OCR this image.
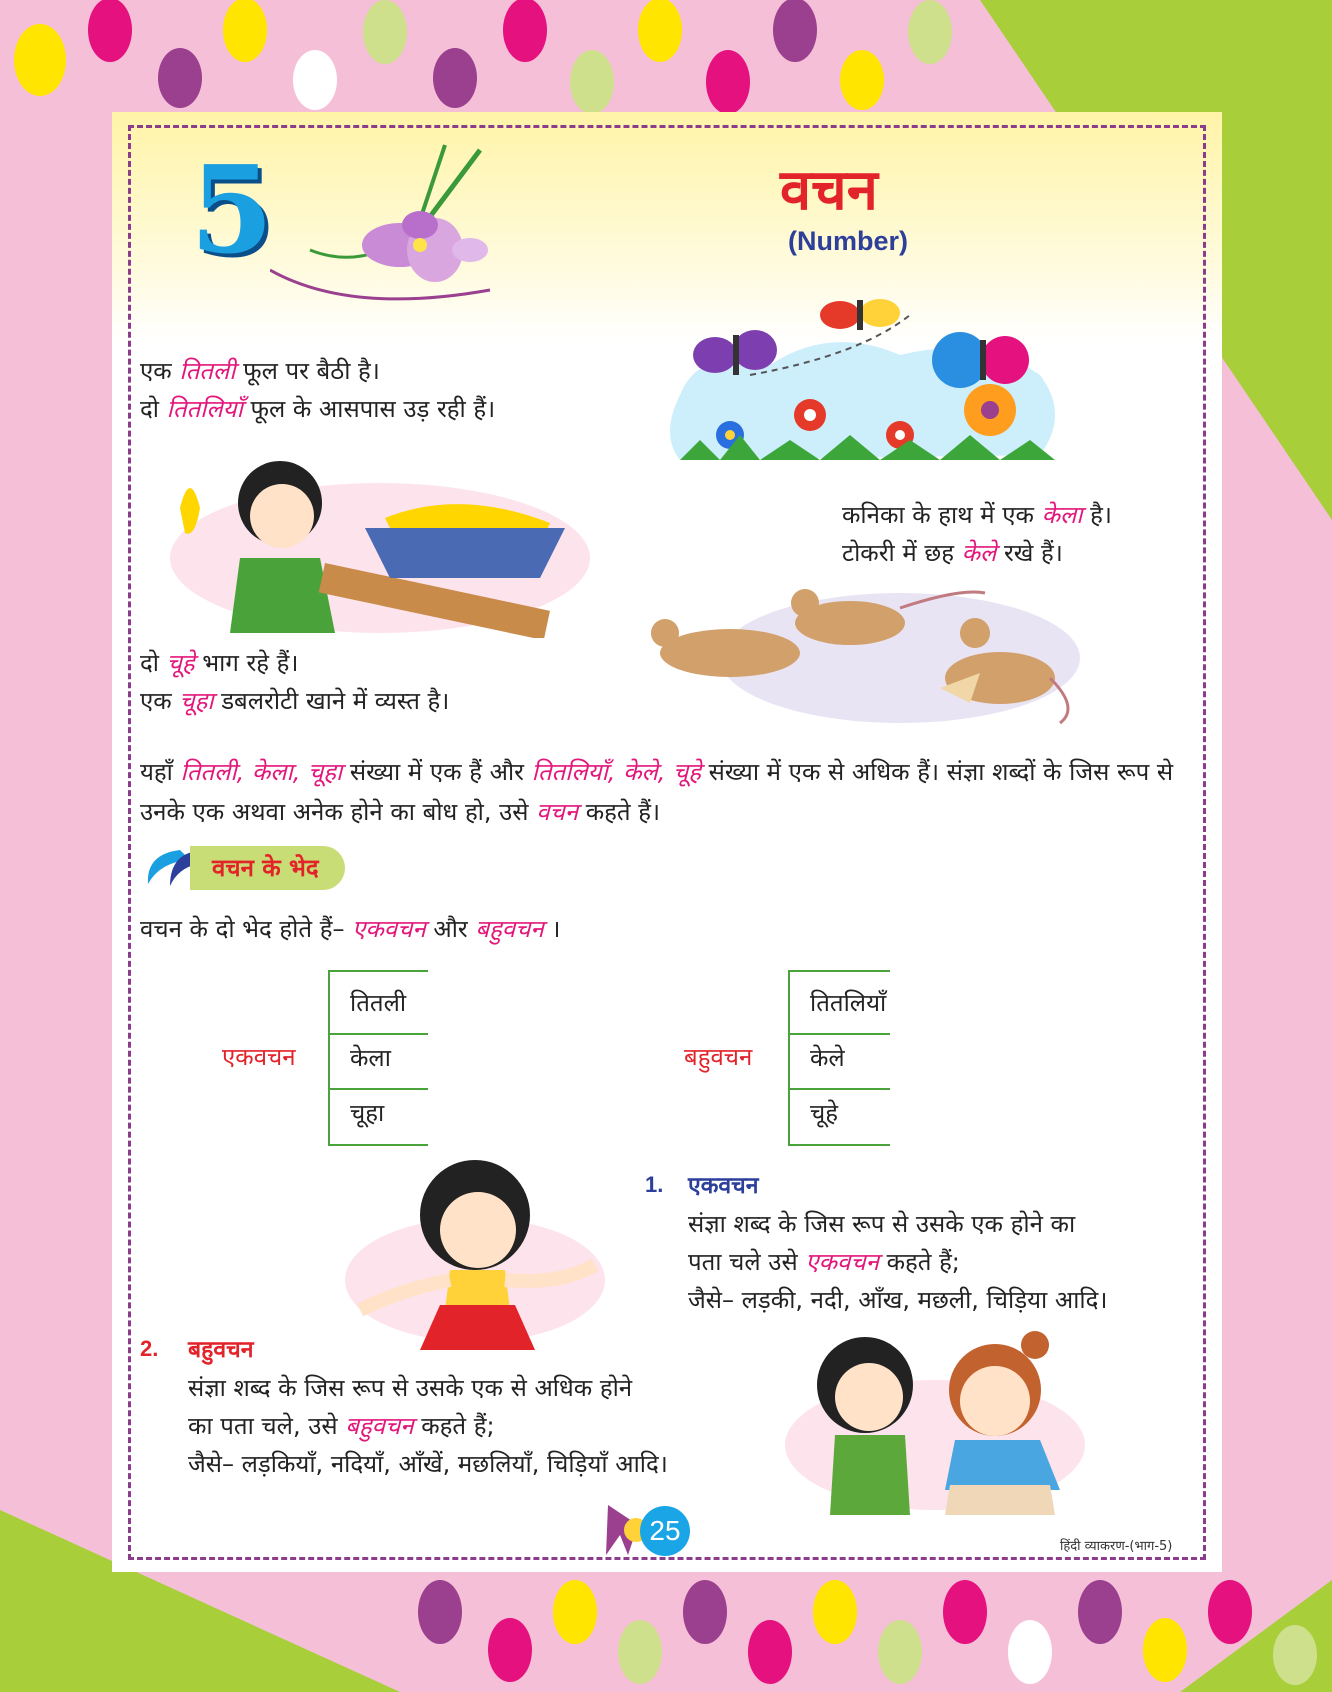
5	वचन
(Number)
एक तितली फूल पर बैठी है।
दो तितलियाँ फूल के आसपास उड़ रही हैं।
कनिका के हाथ में एक केला है।
टोकरी में छह केले रखे हैं।
दो चूहे भाग रहे हैं।
एक चूहा डबलरोटी खाने में व्यस्त है।
यहाँ तितली, केला, चूहा संख्या में एक हैं और तितलियाँ, केले, चूहे संख्या में एक से अधिक हैं। संज्ञा शब्दों के जिस रूप से उनके एक अथवा अनेक होने का बोध हो, उसे वचन कहते हैं।
वचन के भेद
वचन के दो भेद होते हैं– एकवचन और बहुवचन ।
एकवचन
तितली
केला
चूहा
बहुवचन
तितलियाँ
केले
चूहे
1. एकवचन
संज्ञा शब्द के जिस रूप से उसके एक होने का
पता चले उसे एकवचन कहते हैं;
जैसे– लड़की, नदी, आँख, मछली, चिड़िया आदि।
2. बहुवचन
संज्ञा शब्द के जिस रूप से उसके एक से अधिक होने
का पता चले, उसे बहुवचन कहते हैं;
जैसे– लड़कियाँ, नदियाँ, आँखें, मछलियाँ, चिड़ियाँ आदि।
25
हिंदी व्याकरण-(भाग-5)
